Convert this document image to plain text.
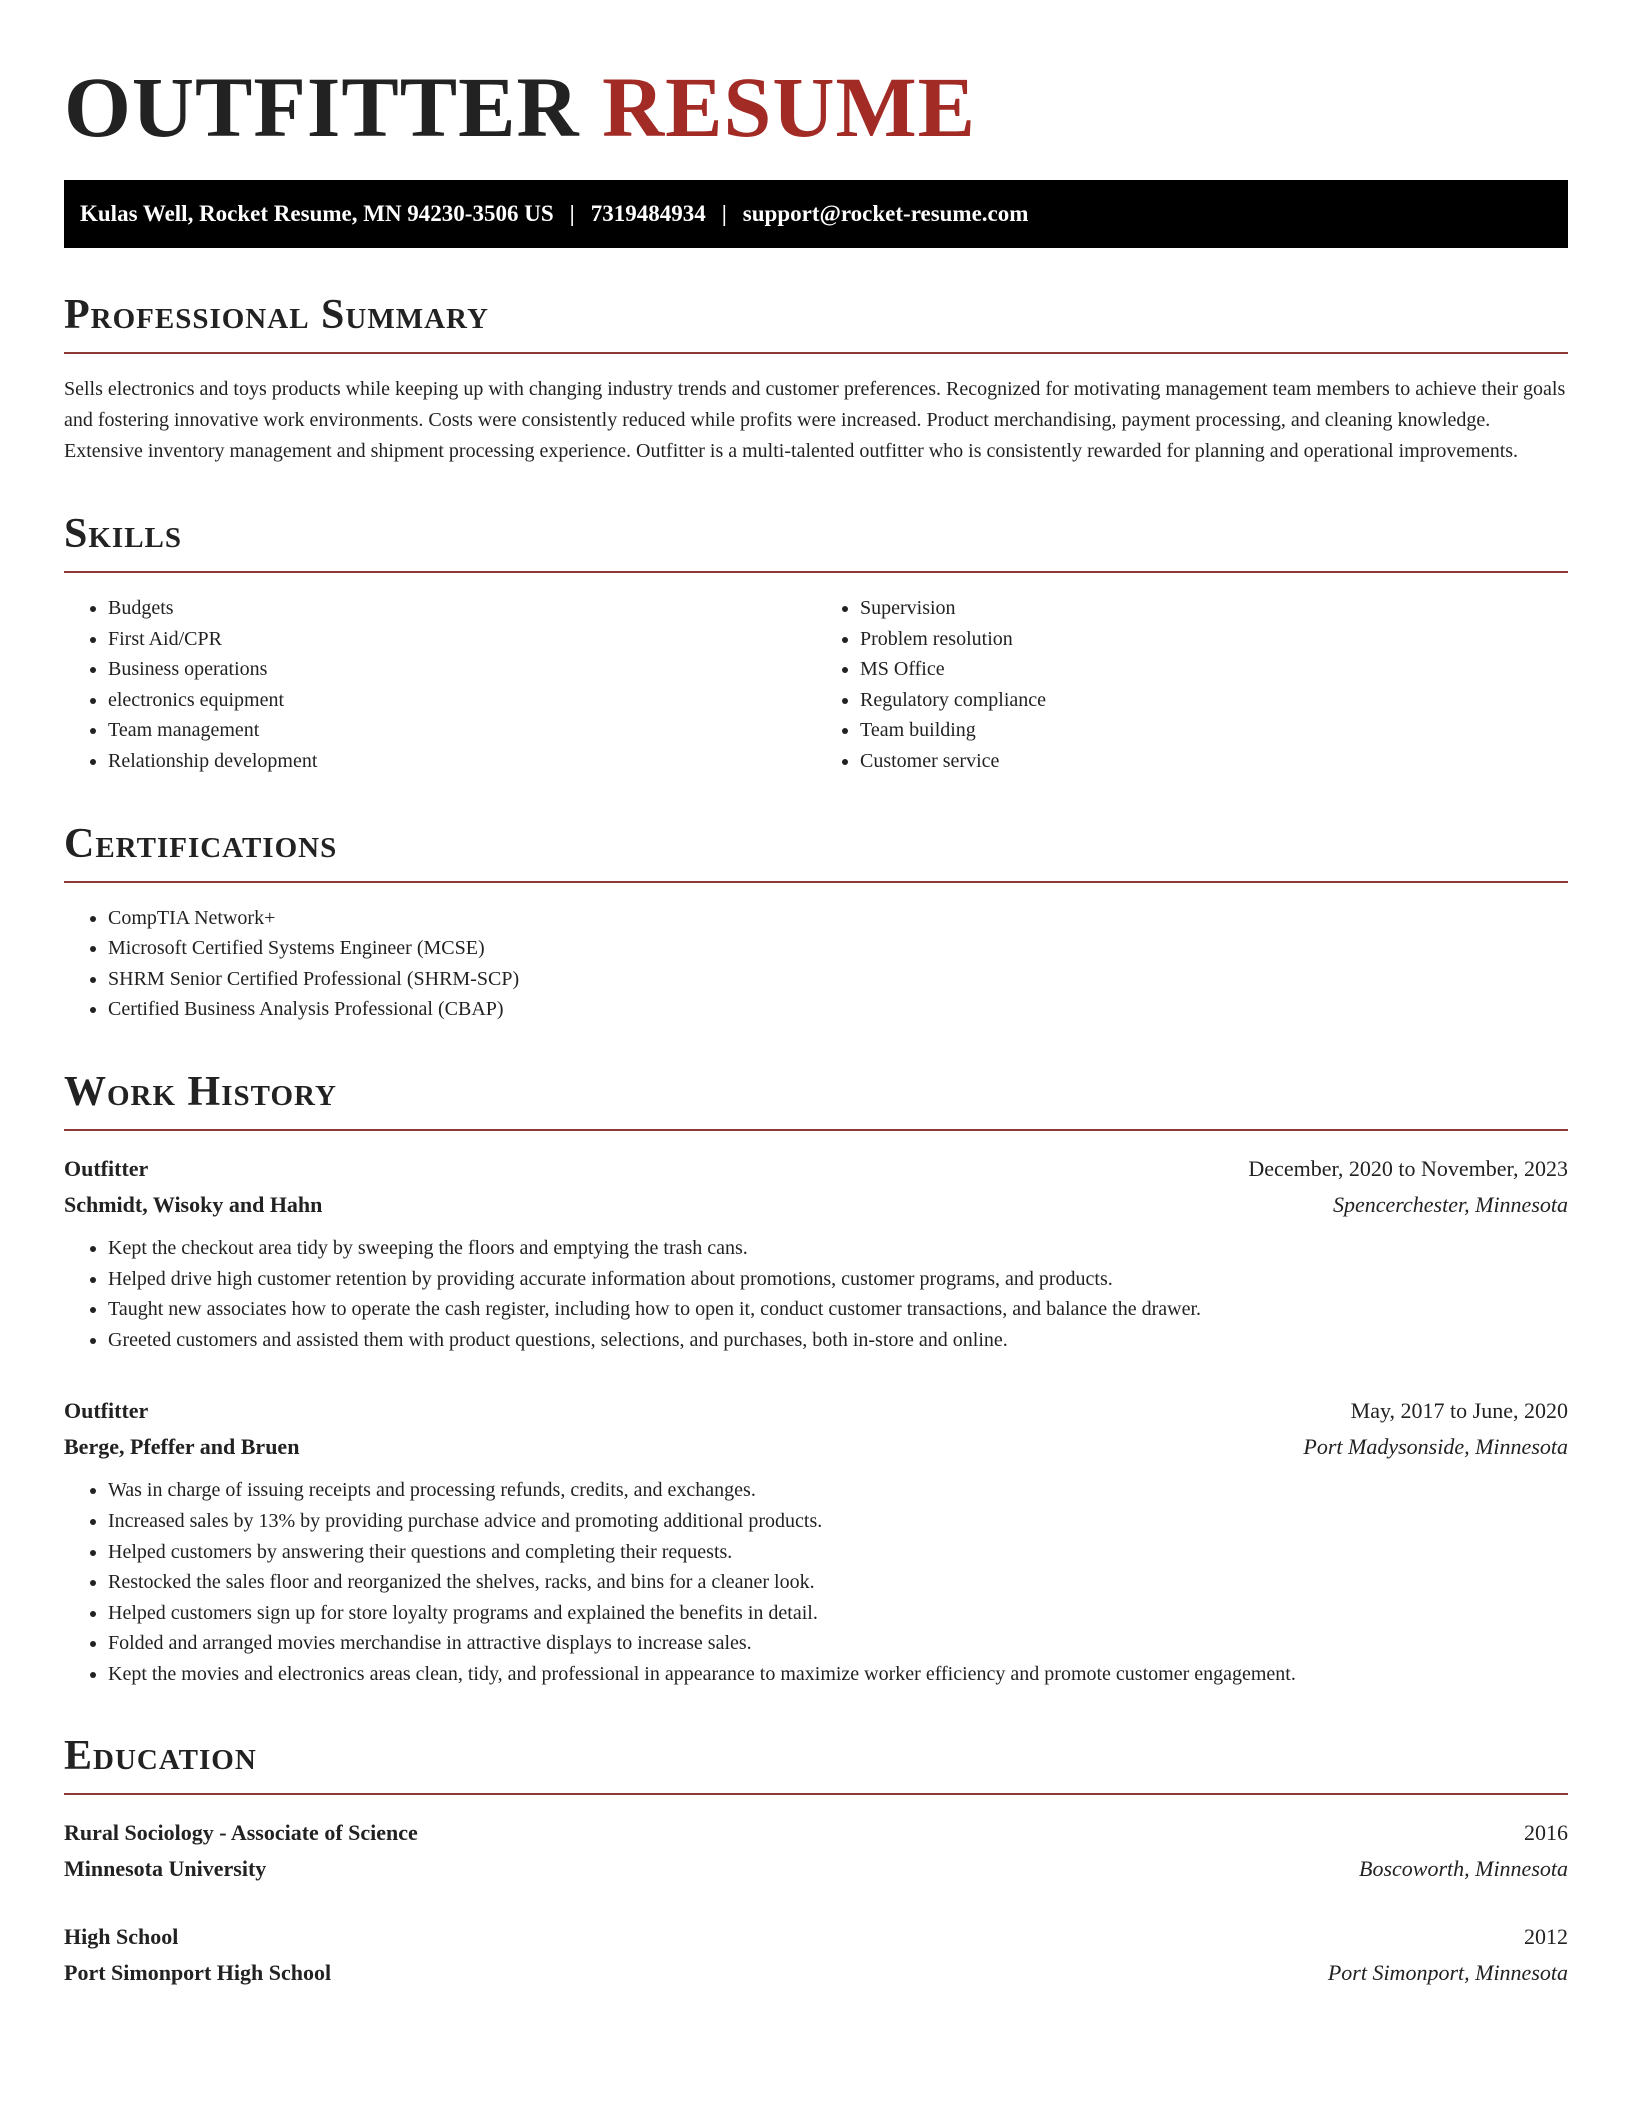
OUTFITTER RESUME
Kulas Well, Rocket Resume, MN 94230-3506 US | 7319484934 | support@rocket-resume.com
Professional Summary

Sells electronics and toys products while keeping up with changing industry trends and customer preferences. Recognized for motivating management team members to achieve their goals and fostering innovative work environments. Costs were consistently reduced while profits were increased. Product merchandising, payment processing, and cleaning knowledge. Extensive inventory management and shipment processing experience. Outfitter is a multi-talented outfitter who is consistently rewarded for planning and operational improvements.

Skills
• Budgets
• First Aid/CPR
• Business operations
• electronics equipment
• Team management
• Relationship development
• Supervision
• Problem resolution
• MS Office
• Regulatory compliance
• Team building
• Customer service
Certifications
• CompTIA Network+
• Microsoft Certified Systems Engineer (MCSE)
• SHRM Senior Certified Professional (SHRM-SCP)
• Certified Business Analysis Professional (CBAP)
Work History
Outfitter	December, 2020 to November, 2023
Schmidt, Wisoky and Hahn	Spencerchester, Minnesota
• Kept the checkout area tidy by sweeping the floors and emptying the trash cans.
• Helped drive high customer retention by providing accurate information about promotions, customer programs, and products.
• Taught new associates how to operate the cash register, including how to open it, conduct customer transactions, and balance the drawer.
• Greeted customers and assisted them with product questions, selections, and purchases, both in-store and online.
Outfitter	May, 2017 to June, 2020
Berge, Pfeffer and Bruen	Port Madysonside, Minnesota
• Was in charge of issuing receipts and processing refunds, credits, and exchanges.
• Increased sales by 13% by providing purchase advice and promoting additional products.
• Helped customers by answering their questions and completing their requests.
• Restocked the sales floor and reorganized the shelves, racks, and bins for a cleaner look.
• Helped customers sign up for store loyalty programs and explained the benefits in detail.
• Folded and arranged movies merchandise in attractive displays to increase sales.
• Kept the movies and electronics areas clean, tidy, and professional in appearance to maximize worker efficiency and promote customer engagement.
Education
Rural Sociology - Associate of Science	2016
Minnesota University	Boscoworth, Minnesota
High School	2012
Port Simonport High School	Port Simonport, Minnesota
